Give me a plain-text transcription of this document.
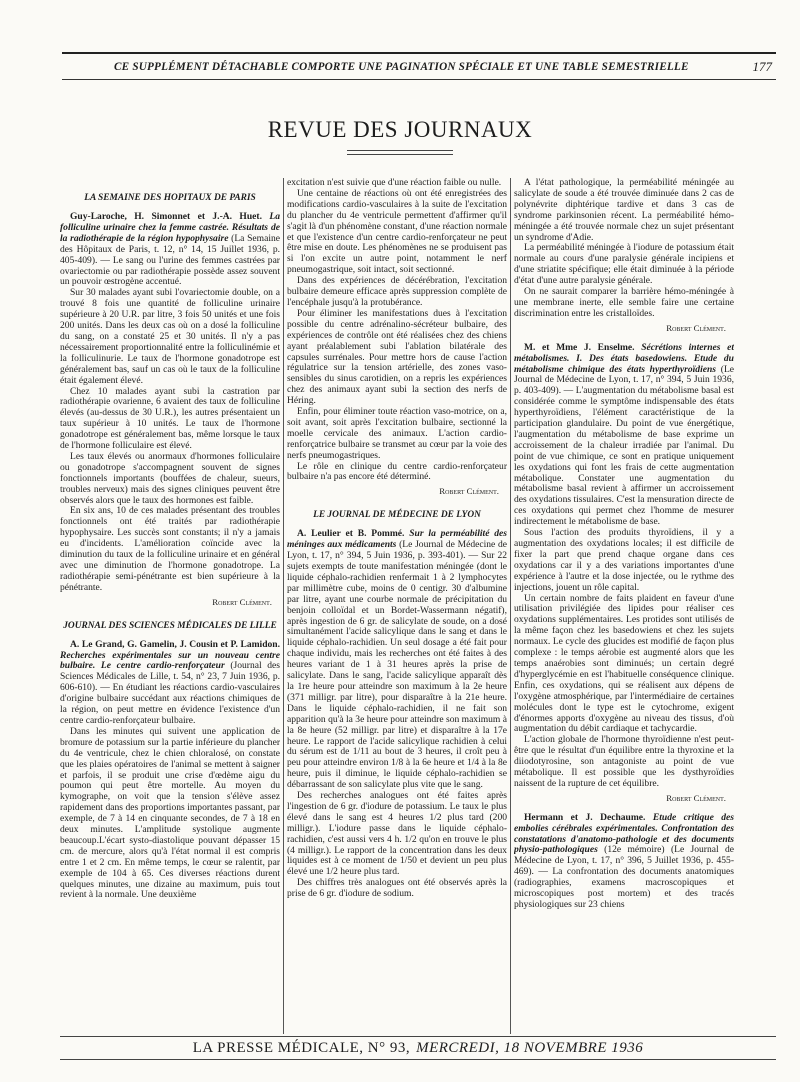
CE SUPPLÉMENT DÉTACHABLE COMPORTE UNE PAGINATION SPÉCIALE ET UNE TABLE SEMESTRIELLE	177
REVUE DES JOURNAUX
LA SEMAINE DES HOPITAUX DE PARIS

Guy-Laroche, H. Simonnet et J.-A. Huet. La folliculine urinaire chez la femme castrée. Résultats de la radiothérapie de la région hypophysaire (La Semaine des Hôpitaux de Paris, t. 12, n° 14, 15 Juillet 1936, p. 405-409). — Le sang ou l'urine des femmes castrées par ovariectomie ou par radiothérapie possède assez souvent un pouvoir œstrogène accentué.

Sur 30 malades ayant subi l'ovariectomie double, on a trouvé 8 fois une quantité de folliculine urinaire supérieure à 20 U.R. par litre, 3 fois 50 unités et une fois 200 unités. Dans les deux cas où on a dosé la folliculine du sang, on a constaté 25 et 30 unités. Il n'y a pas nécessairement proportionnalité entre la folliculinémie et la folliculinurie. Le taux de l'hormone gonadotrope est généralement bas, sauf un cas où le taux de la folliculine était également élevé.

Chez 10 malades ayant subi la castration par radiothérapie ovarienne, 6 avaient des taux de folliculine élevés (au-dessus de 30 U.R.), les autres présentaient un taux supérieur à 10 unités. Le taux de l'hormone gonadotrope est généralement bas, même lorsque le taux de l'hormone folliculaire est élevé.

Les taux élevés ou anormaux d'hormones folliculaire ou gonadotrope s'accompagnent souvent de signes fonctionnels importants (bouffées de chaleur, sueurs, troubles nerveux) mais des signes cliniques peuvent être observés alors que le taux des hormones est faible.

En six ans, 10 de ces malades présentant des troubles fonctionnels ont été traités par radiothérapie hypophysaire. Les succès sont constants; il n'y a jamais eu d'incidents. L'amélioration coïncide avec la diminution du taux de la folliculine urinaire et en général avec une diminution de l'hormone gonadotrope. La radiothérapie semi-pénétrante est bien supérieure à la pénétrante.

Robert Clément.
JOURNAL DES SCIENCES MÉDICALES DE LILLE

A. Le Grand, G. Gamelin, J. Cousin et P. Lamidon. Recherches expérimentales sur un nouveau centre bulbaire. Le centre cardio-renforçateur (Journal des Sciences Médicales de Lille, t. 54, n° 23, 7 Juin 1936, p. 606-610). — En étudiant les réactions cardio-vasculaires d'origine bulbaire succédant aux réactions chimiques de la région, on peut mettre en évidence l'existence d'un centre cardio-renforçateur bulbaire.

Dans les minutes qui suivent une application de bromure de potassium sur la partie inférieure du plancher du 4e ventricule, chez le chien chloralosé, on constate que les plaies opératoires de l'animal se mettent à saigner et parfois, il se produit une crise d'œdème aigu du poumon qui peut être mortelle. Au moyen du kymographe, on voit que la tension s'élève assez rapidement dans des proportions importantes passant, par exemple, de 7 à 14 en cinquante secondes, de 7 à 18 en deux minutes. L'amplitude systolique augmente beaucoup.L'écart systo-diastolique pouvant dépasser 15 cm. de mercure, alors qu'à l'état normal il est compris entre 1 et 2 cm. En même temps, le cœur se ralentit, par exemple de 104 à 65. Ces diverses réactions durent quelques minutes, une dizaine au maximum, puis tout revient à la normale. Une deuxième

excitation n'est suivie que d'une réaction faible ou nulle.

Une centaine de réactions où ont été enregistrées des modifications cardio-vasculaires à la suite de l'excitation du plancher du 4e ventricule permettent d'affirmer qu'il s'agit là d'un phénomène constant, d'une réaction normale et que l'existence d'un centre cardio-renforçateur ne peut être mise en doute. Les phénomènes ne se produisent pas si l'on excite un autre point, notamment le nerf pneumogastrique, soit intact, soit sectionné.

Dans des expériences de décérébration, l'excitation bulbaire demeure efficace après suppression complète de l'encéphale jusqu'à la protubérance.

Pour éliminer les manifestations dues à l'excitation possible du centre adrénalino-sécréteur bulbaire, des expériences de contrôle ont été réalisées chez des chiens ayant préalablement subi l'ablation bilatérale des capsules surrénales. Pour mettre hors de cause l'action régulatrice sur la tension artérielle, des zones vaso-sensibles du sinus carotidien, on a repris les expériences chez des animaux ayant subi la section des nerfs de Héring.

Enfin, pour éliminer toute réaction vaso-motrice, on a, soit avant, soit après l'excitation bulbaire, sectionné la moelle cervicale des animaux. L'action cardio-renforçatrice bulbaire se transmet au cœur par la voie des nerfs pneumogastriques.

Le rôle en clinique du centre cardio-renforçateur bulbaire n'a pas encore été déterminé.

Robert Clément.
LE JOURNAL DE MÉDECINE DE LYON

A. Leulier et B. Pommé. Sur la perméabilité des méninges aux médicaments (Le Journal de Médecine de Lyon, t. 17, n° 394, 5 Juin 1936, p. 393-401). — Sur 22 sujets exempts de toute manifestation méningée (dont le liquide céphalo-rachidien renfermait 1 à 2 lymphocytes par millimètre cube, moins de 0 centigr. 30 d'albumine par litre, ayant une courbe normale de précipitation du benjoin colloïdal et un Bordet-Wassermann négatif), après ingestion de 6 gr. de salicylate de soude, on a dosé simultanément l'acide salicylique dans le sang et dans le liquide céphalo-rachidien. Un seul dosage a été fait pour chaque individu, mais les recherches ont été faites à des heures variant de 1 à 31 heures après la prise de salicylate. Dans le sang, l'acide salicylique apparaît dès la 1re heure pour atteindre son maximum à la 2e heure (371 milligr. par litre), pour disparaître à la 21e heure. Dans le liquide céphalo-rachidien, il ne fait son apparition qu'à la 3e heure pour atteindre son maximum à la 8e heure (52 milligr. par litre) et disparaître à la 17e heure. Le rapport de l'acide salicylique rachidien à celui du sérum est de 1/11 au bout de 3 heures, il croît peu à peu pour atteindre environ 1/8 à la 6e heure et 1/4 à la 8e heure, puis il diminue, le liquide céphalo-rachidien se débarrassant de son salicylate plus vite que le sang.

Des recherches analogues ont été faites après l'ingestion de 6 gr. d'iodure de potassium. Le taux le plus élevé dans le sang est 4 heures 1/2 plus tard (200 milligr.). L'iodure passe dans le liquide céphalo-rachidien, c'est aussi vers 4 h. 1/2 qu'on en trouve le plus (4 milligr.). Le rapport de la concentration dans les deux liquides est à ce moment de 1/50 et devient un peu plus élevé une 1/2 heure plus tard.

Des chiffres très analogues ont été observés après la prise de 6 gr. d'iodure de sodium.

A l'état pathologique, la perméabilité méningée au salicylate de soude a été trouvée diminuée dans 2 cas de polynévrite diphtérique tardive et dans 3 cas de syndrome parkinsonien récent. La perméabilité hémo-méningée a été trouvée normale chez un sujet présentant un syndrome d'Adie.

La perméabilité méningée à l'iodure de potassium était normale au cours d'une paralysie générale incipiens et d'une striatite spécifique; elle était diminuée à la période d'état d'une autre paralysie générale.

On ne saurait comparer la barrière hémo-méningée à une membrane inerte, elle semble faire une certaine discrimination entre les cristalloïdes.

Robert Clément.

M. et Mme J. Enselme. Sécrétions internes et métabolismes. I. Des états basedowiens. Etude du métabolisme chimique des états hyperthyroïdiens (Le Journal de Médecine de Lyon, t. 17, n° 394, 5 Juin 1936, p. 403-409). — L'augmentation du métabolisme basal est considérée comme le symptôme indispensable des états hyperthyroïdiens, l'élément caractéristique de la participation glandulaire. Du point de vue énergétique, l'augmentation du métabolisme de base exprime un accroissement de la chaleur irradiée par l'animal. Du point de vue chimique, ce sont en pratique uniquement les oxydations qui font les frais de cette augmentation métabolique. Constater une augmentation du métabolisme basal revient à affirmer un accroissement des oxydations tissulaires. C'est la mensuration directe de ces oxydations qui permet chez l'homme de mesurer indirectement le métabolisme de base.

Sous l'action des produits thyroïdiens, il y a augmentation des oxydations locales; il est difficile de fixer la part que prend chaque organe dans ces oxydations car il y a des variations importantes d'une expérience à l'autre et la dose injectée, ou le rythme des injections, jouent un rôle capital.

Un certain nombre de faits plaident en faveur d'une utilisation privilégiée des lipides pour réaliser ces oxydations supplémentaires. Les protides sont utilisés de la même façon chez les basedowiens et chez les sujets normaux. Le cycle des glucides est modifié de façon plus complexe : le temps aérobie est augmenté alors que les temps anaérobies sont diminués; un certain degré d'hyperglycémie en est l'habituelle conséquence clinique. Enfin, ces oxydations, qui se réalisent aux dépens de l'oxygène atmosphérique, par l'intermédiaire de certaines molécules dont le type est le cytochrome, exigent d'énormes apports d'oxygène au niveau des tissus, d'où augmentation du débit cardiaque et tachycardie.

L'action globale de l'hormone thyroïdienne n'est peut-être que le résultat d'un équilibre entre la thyroxine et la diiodotyrosine, son antagoniste au point de vue métabolique. Il est possible que les dysthyroïdies naissent de la rupture de cet équilibre.

Robert Clément.

Hermann et J. Dechaume. Etude critique des embolies cérébrales expérimentales. Confrontation des constatations d'anatomo-pathologie et des documents physio-pathologiques (12e mémoire) (Le Journal de Médecine de Lyon, t. 17, n° 396, 5 Juillet 1936, p. 455-469). — La confrontation des documents anatomiques (radiographies, examens macroscopiques et microscopiques post mortem) et des tracés physiologiques sur 23 chiens

LA PRESSE MÉDICALE, N° 93, MERCREDI, 18 NOVEMBRE 1936
